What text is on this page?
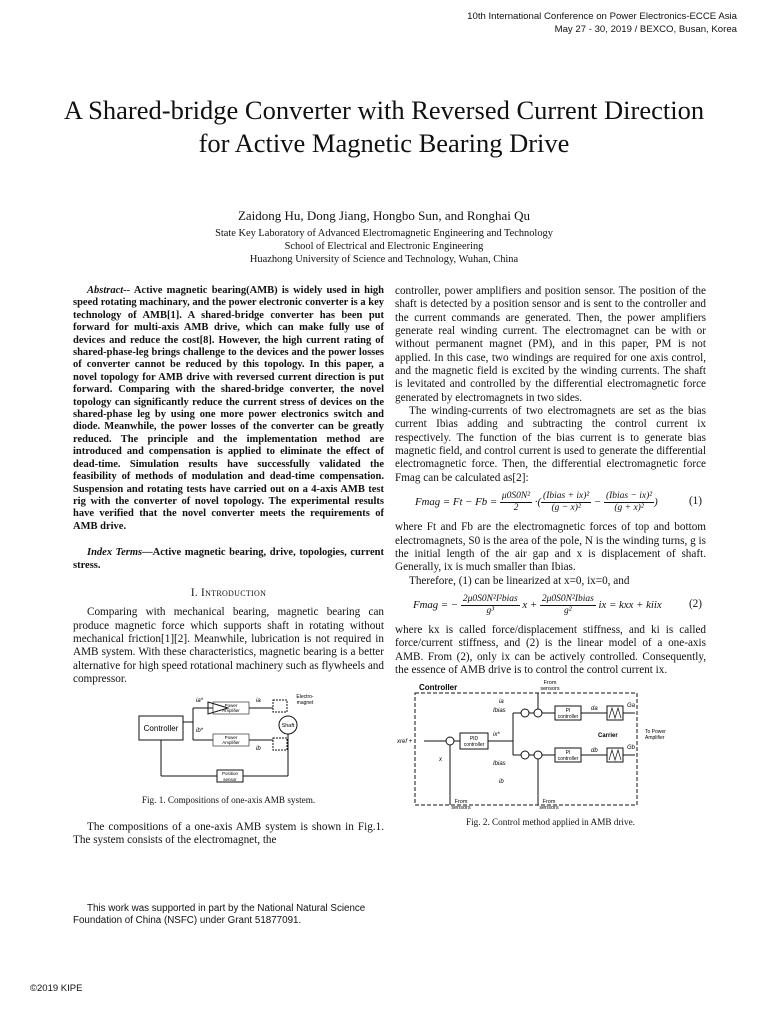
10th International Conference on Power Electronics-ECCE Asia
May 27 - 30, 2019 / BEXCO, Busan, Korea
A Shared-bridge Converter with Reversed Current Direction for Active Magnetic Bearing Drive
Zaidong Hu, Dong Jiang, Hongbo Sun, and Ronghai Qu
State Key Laboratory of Advanced Electromagnetic Engineering and Technology
School of Electrical and Electronic Engineering
Huazhong University of Science and Technology, Wuhan, China
Abstract-- Active magnetic bearing(AMB) is widely used in high speed rotating machinary, and the power electronic converter is a key technology of AMB[1]. A shared-bridge converter has been put forward for multi-axis AMB drive, which can make fully use of devices and reduce the cost[8]. However, the high current rating of shared-phase-leg brings challenge to the devices and the power losses of converter cannot be reduced by this topology. In this paper, a novel topology for AMB drive with reversed current direction is put forward. Comparing with the shared-bridge converter, the novel topology can significantly reduce the current stress of devices on the shared-phase leg by using one more power electronics switch and diode. Meanwhile, the power losses of the converter can be greatly reduced. The principle and the implementation method are introduced and compensation is applied to eliminate the effect of dead-time. Simulation results have successfully validated the feasibility of methods of modulation and dead-time compensation. Suspension and rotating tests have carried out on a 4-axis AMB test rig with the converter of novel topology. The experimental results have verified that the novel converter meets the requirements of AMB drive.
Index Terms—Active magnetic bearing, drive, topologies, current stress.
I. Introduction
Comparing with mechanical bearing, magnetic bearing can produce magnetic force which supports shaft in rotating without mechanical friction[1][2]. Meanwhile, lubrication is not required in AMB system. With these characteristics, magnetic bearing is a better alternative for high speed rotational machinery such as flywheels and compressor.
Controller
Power
Amplifier
Power
Amplifier
ia*	ia
ib*
ib
Shaft
Electro-
magnet
Position
sensor
Fig. 1. Compositions of one-axis AMB system.
The compositions of a one-axis AMB system is shown in Fig.1. The system consists of the electromagnet, the
This work was supported in part by the National Natural Science Foundation of China (NSFC) under Grant 51877091.
©2019 KIPE
controller, power amplifiers and position sensor. The position of the shaft is detected by a position sensor and is sent to the controller and the current commands are generated. Then, the power amplifiers generate real winding current. The electromagnet can be with or without permanent magnet (PM), and in this paper, PM is not applied. In this case, two windings are required for one axis control, and the magnetic field is excited by the winding currents. The shaft is levitated and controlled by the differential electromagnetic force generated by electromagnets in two sides.
The winding-currents of two electromagnets are set as the bias current Ibias adding and subtracting the control current ix respectively. The function of the bias current is to generate bias magnetic field, and control current is used to generate the differential electromagnetic force. Then, the differential electromagnetic force Fmag can be calculated as[2]:
Fmag = $Ft - Fb = \frac{\text{μ0S0N²}}{2}$ ·( $\frac{\text{(Ibias + ix)²}}{\text{(g − x)²}} - \frac{\text{(Ibias − ix)²}}{\text{(g + x)²}}$ )	(1)
where Ft and Fb are the electromagnetic forces of top and bottom electromagnets, S0 is the area of the pole, N is the winding turns, g is the initial length of the air gap and x is displacement of shaft. Generally, ix is much smaller than Ibias.
Therefore, (1) can be linearized at x=0, ix=0, and
Fmag = − $\frac{\text{2μ0S0N²I²bias}}{\text{g³}}$ $x + \frac{\text{2μ0S0N²Ibias}}{\text{g²}}$ ix = kxx + kiix (2)
where kx is called force/displacement stiffness, and ki is called force/current stiffness, and (2) is the linear model of a one-axis AMB. From (2), only ix can be actively controlled. Consequently, the essence of AMB drive is to control the control current ix.
Controller	From
sensors
xref +
x
PID
controller
ix*
Ibias
Ibias
ia
ib
PI
controller
PI
controller
da
db
Carrier
Ga
Gb
To Power
Amplifier
From
sensors
From
sensors
Fig. 2. Control method applied in AMB drive.
